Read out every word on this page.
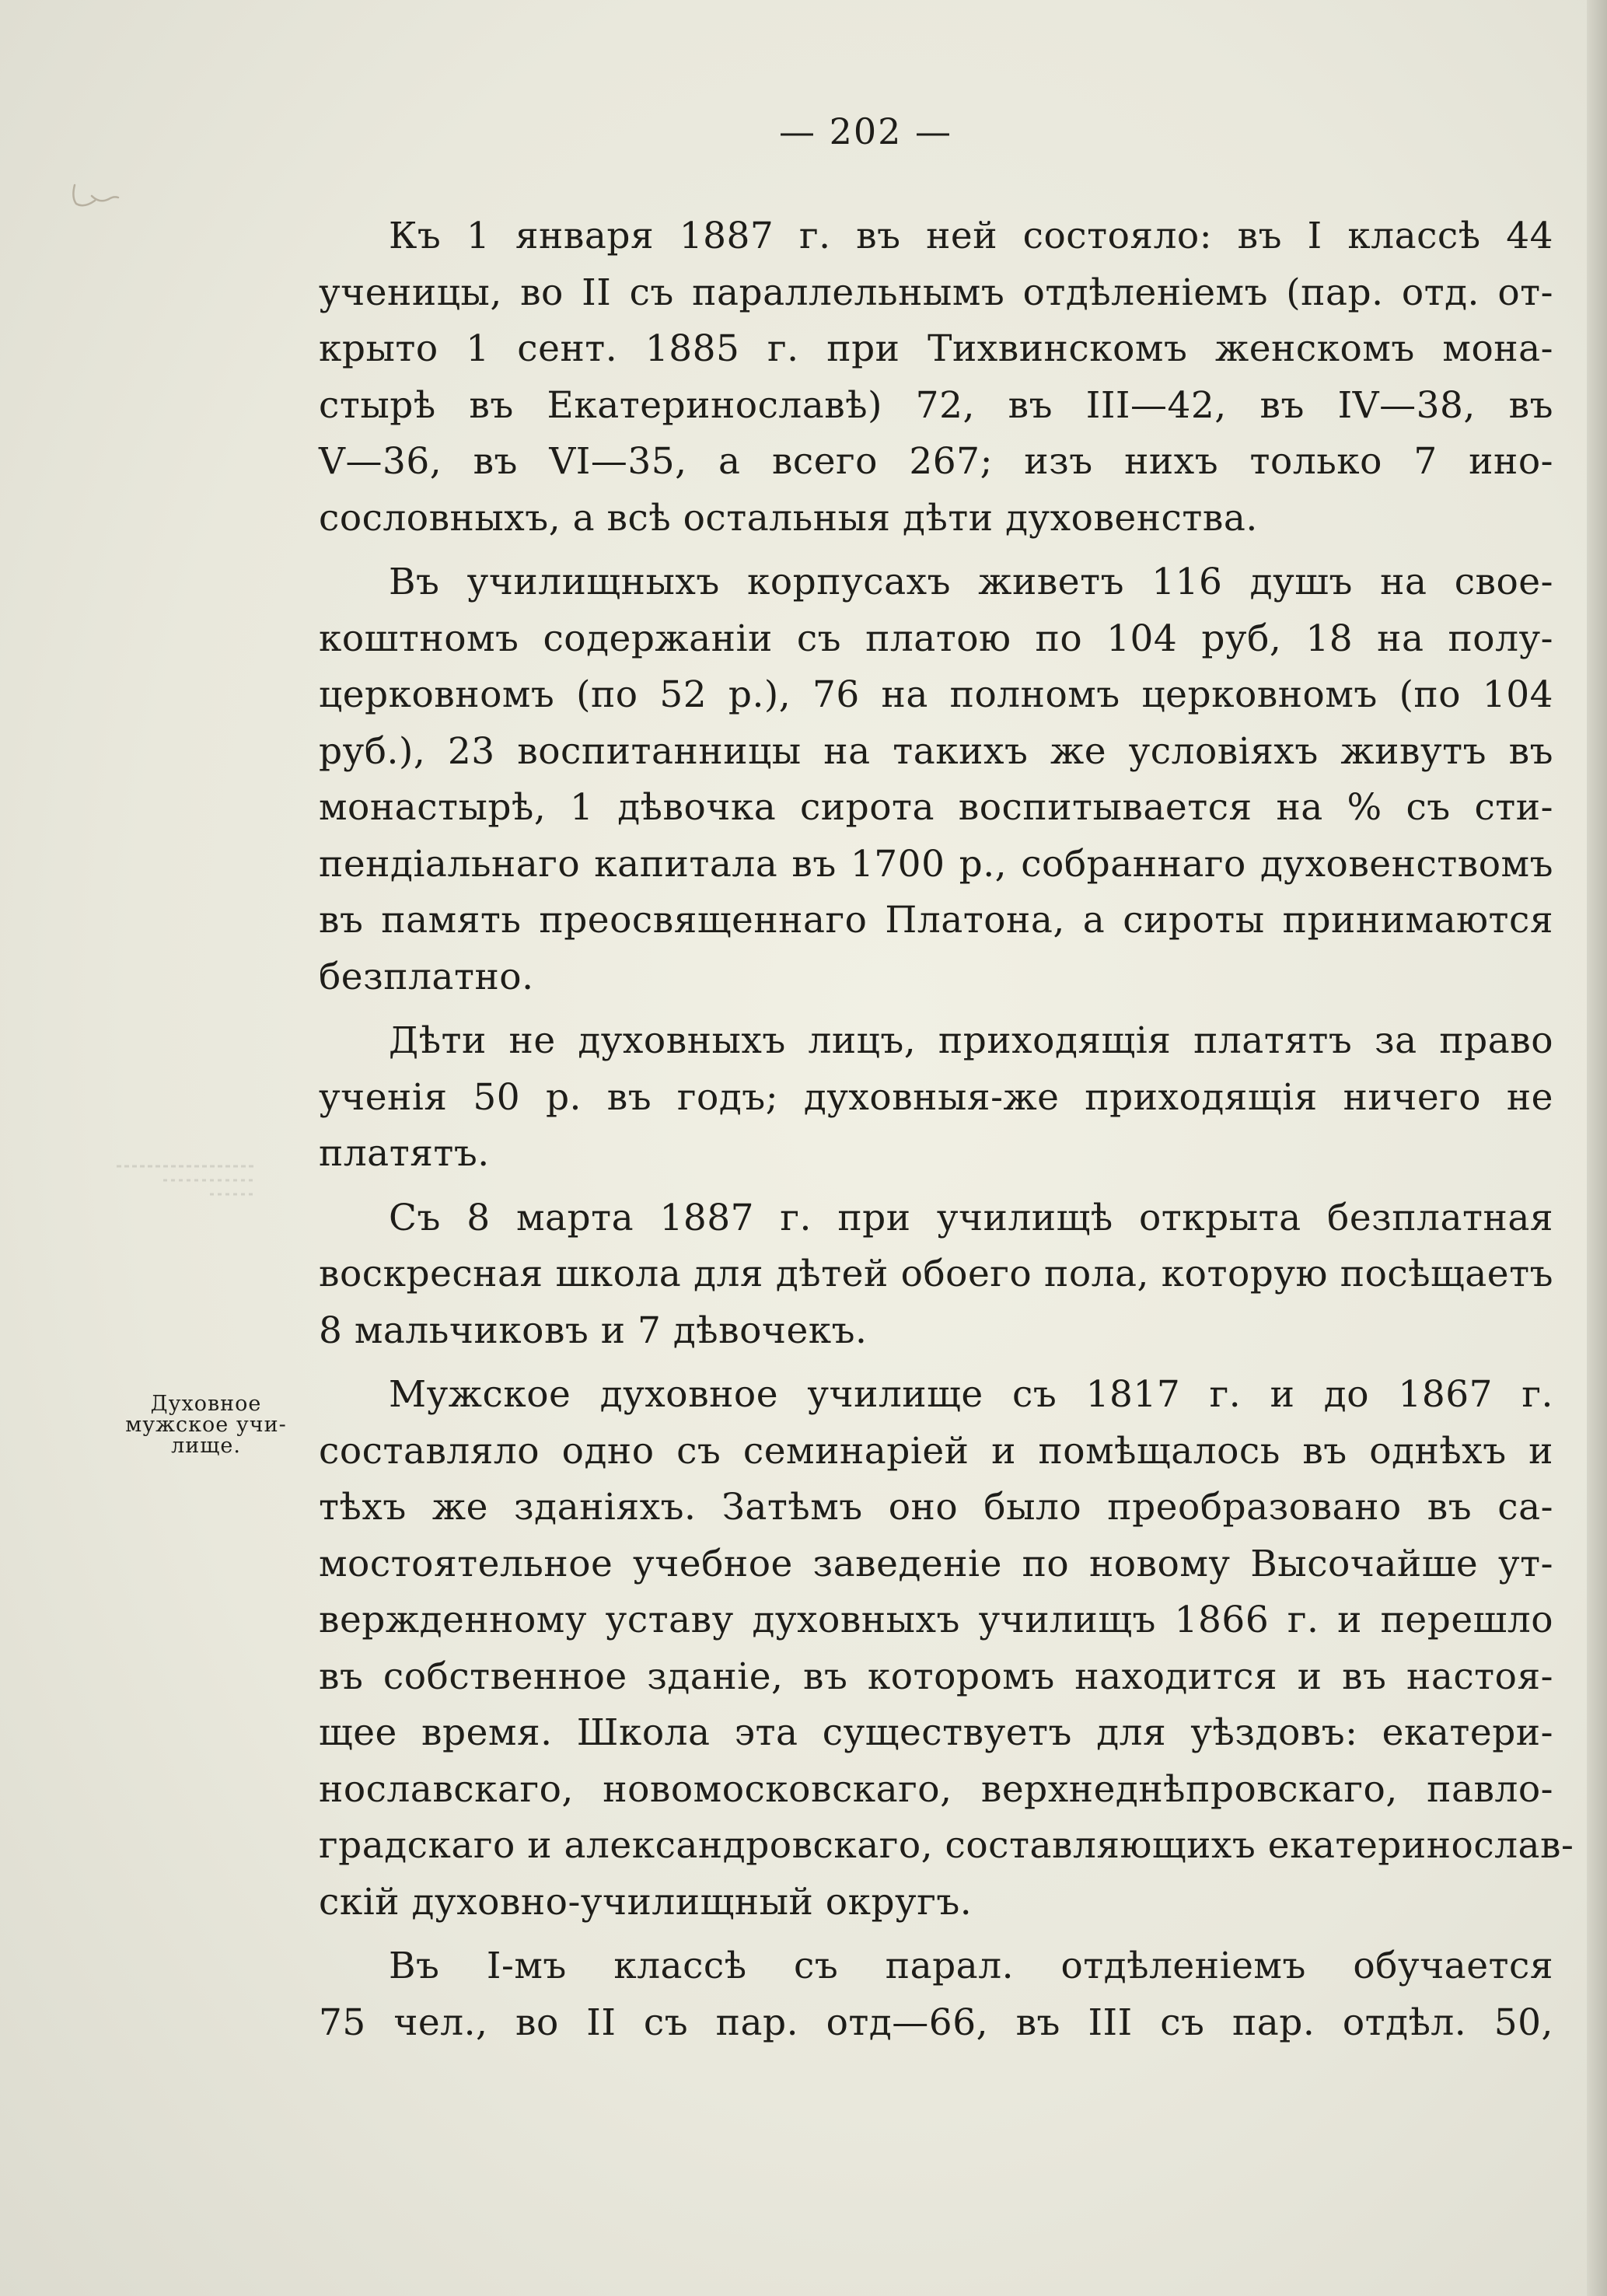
— 202 —
Духовное
мужское учи-
лище.
Къ 1 января 1887 г. въ ней состояло: въ I классѣ 44
ученицы, во II съ параллельнымъ отдѣленіемъ (пар. отд. от-
крыто 1 сент. 1885 г. при Тихвинскомъ женскомъ мона-
стырѣ въ Екатеринославѣ) 72, въ III—42, въ IV—38, въ
V—36, въ VI—35, а всего 267; изъ нихъ только 7 ино-
сословныхъ, а всѣ остальныя дѣти духовенства.
Въ училищныхъ корпусахъ живетъ 116 душъ на свое-
коштномъ содержаніи съ платою по 104 руб, 18 на полу-
церковномъ (по 52 р.), 76 на полномъ церковномъ (по 104
руб.), 23 воспитанницы на такихъ же условіяхъ живутъ въ
монастырѣ, 1 дѣвочка сирота воспитывается на % съ сти-
пендіальнаго капитала въ 1700 р., собраннаго духовенствомъ
въ память преосвященнаго Платона, а сироты принимаются
безплатно.
Дѣти не духовныхъ лицъ, приходящія платятъ за право
ученія 50 р. въ годъ; духовныя-же приходящія ничего не
платятъ.
Съ 8 марта 1887 г. при училищѣ открыта безплатная
воскресная школа для дѣтей обоего пола, которую посѣщаетъ
8 мальчиковъ и 7 дѣвочекъ.
Мужское духовное училище съ 1817 г. и до 1867 г.
составляло одно съ семинаріей и помѣщалось въ однѣхъ и
тѣхъ же зданіяхъ. Затѣмъ оно было преобразовано въ са-
мостоятельное учебное заведеніе по новому Высочайше ут-
вержденному уставу духовныхъ училищъ 1866 г. и перешло
въ собственное зданіе, въ которомъ находится и въ настоя-
щее время. Школа эта существуетъ для уѣздовъ: екатери-
нославскаго, новомосковскаго, верхнеднѣпровскаго, павло-
градскаго и александровскаго, составляющихъ екатеринослав-
скій духовно-училищный округъ.
Въ I-мъ классѣ съ парал. отдѣленіемъ обучается
75 чел., во II съ пар. отд—66, въ III съ пар. отдѣл. 50,
